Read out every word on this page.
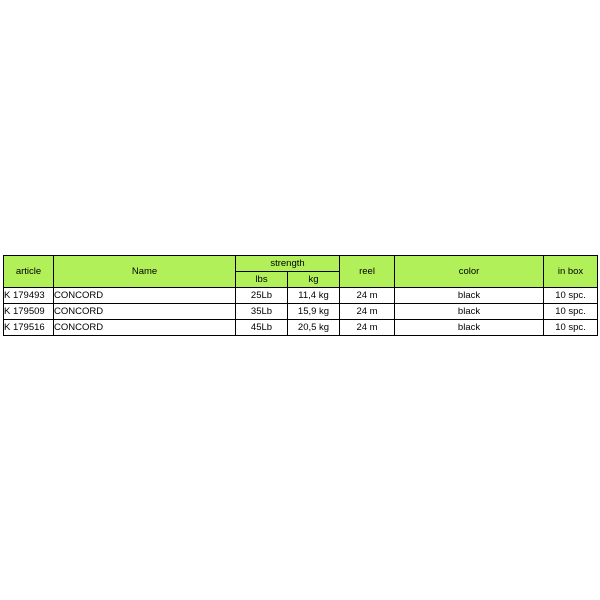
article	Name	strength		reel	color	in box
		lbs	kg			
K 179493	CONCORD	25Lb	11,4 kg	24 m	black	10 spc.
K 179509	CONCORD	35Lb	15,9 kg	24 m	black	10 spc.
K 179516	CONCORD	45Lb	20,5 kg	24 m	black	10 spc.
